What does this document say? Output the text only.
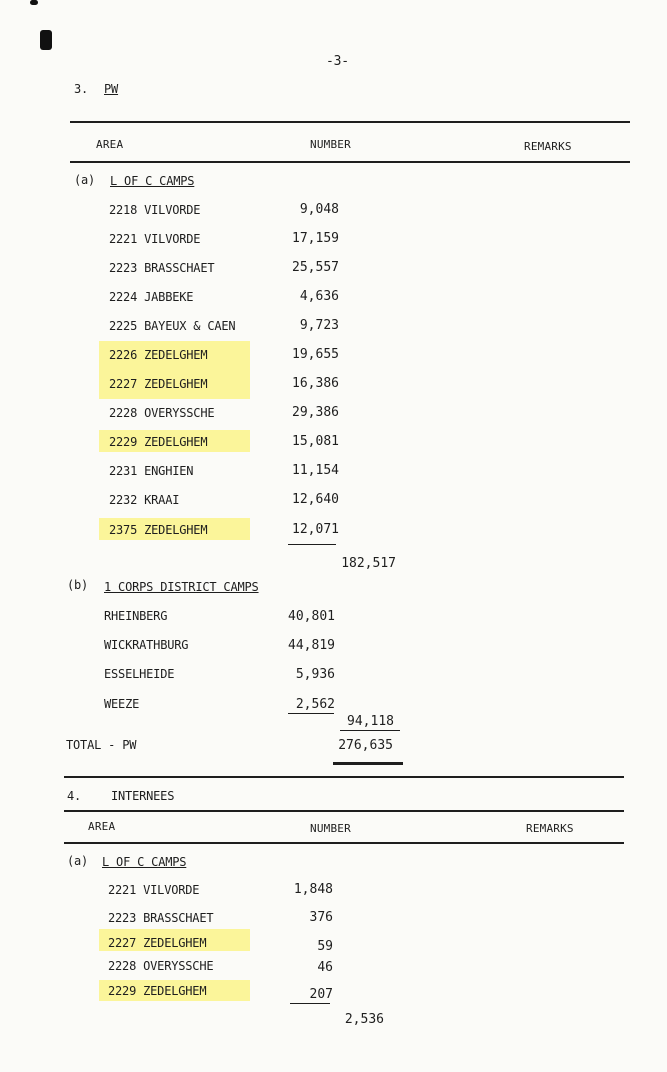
-3-
3. PW
AREA	NUMBER	REMARKS
(a) L OF C CAMPS
2218 VILVORDE	9,048
2221 VILVORDE	17,159
2223 BRASSCHAET	25,557
2224 JABBEKE	4,636
2225 BAYEUX & CAEN	9,723
2226 ZEDELGHEM	19,655
2227 ZEDELGHEM	16,386
2228 OVERYSSCHE	29,386
2229 ZEDELGHEM	15,081
2231 ENGHIEN	11,154
2232 KRAAI	12,640
2375 ZEDELGHEM	12,071
182,517
(b) 1 CORPS DISTRICT CAMPS
RHEINBERG	40,801
WICKRATHBURG	44,819
ESSELHEIDE	5,936
WEEZE	2,562
94,118
TOTAL - PW	276,635
4. INTERNEES
AREA	NUMBER	REMARKS
(a) L OF C CAMPS
2221 VILVORDE	1,848
2223 BRASSCHAET	376
2227 ZEDELGHEM	59
2228 OVERYSSCHE	46
2229 ZEDELGHEM	207
2,536
